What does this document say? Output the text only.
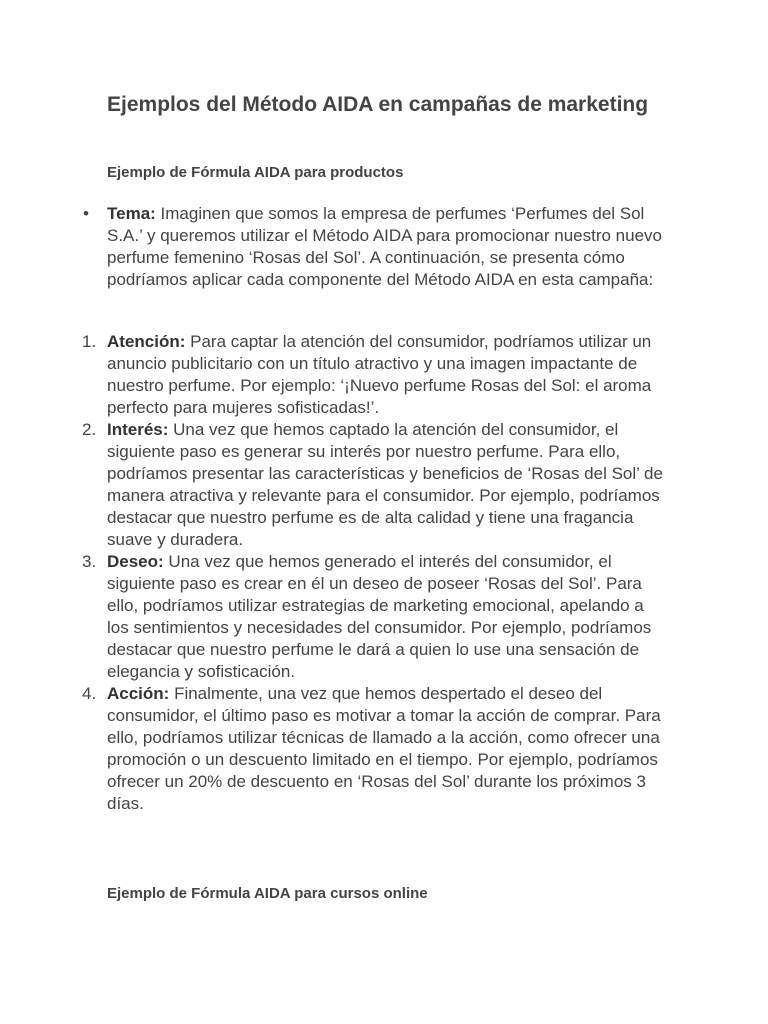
Ejemplos del Método AIDA en campañas de marketing
Ejemplo de Fórmula AIDA para productos
• Tema: Imaginen que somos la empresa de perfumes ‘Perfumes del Sol S.A.’ y queremos utilizar el Método AIDA para promocionar nuestro nuevo perfume femenino ‘Rosas del Sol’. A continuación, se presenta cómo podríamos aplicar cada componente del Método AIDA en esta campaña:
1. Atención: Para captar la atención del consumidor, podríamos utilizar un anuncio publicitario con un título atractivo y una imagen impactante de nuestro perfume. Por ejemplo: ‘¡Nuevo perfume Rosas del Sol: el aroma perfecto para mujeres sofisticadas!’.
2. Interés: Una vez que hemos captado la atención del consumidor, el siguiente paso es generar su interés por nuestro perfume. Para ello, podríamos presentar las características y beneficios de ‘Rosas del Sol’ de manera atractiva y relevante para el consumidor. Por ejemplo, podríamos destacar que nuestro perfume es de alta calidad y tiene una fragancia suave y duradera.
3. Deseo: Una vez que hemos generado el interés del consumidor, el siguiente paso es crear en él un deseo de poseer ‘Rosas del Sol’. Para ello, podríamos utilizar estrategias de marketing emocional, apelando a los sentimientos y necesidades del consumidor. Por ejemplo, podríamos destacar que nuestro perfume le dará a quien lo use una sensación de elegancia y sofisticación.
4. Acción: Finalmente, una vez que hemos despertado el deseo del consumidor, el último paso es motivar a tomar la acción de comprar. Para ello, podríamos utilizar técnicas de llamado a la acción, como ofrecer una promoción o un descuento limitado en el tiempo. Por ejemplo, podríamos ofrecer un 20% de descuento en ‘Rosas del Sol’ durante los próximos 3 días.
Ejemplo de Fórmula AIDA para cursos online
